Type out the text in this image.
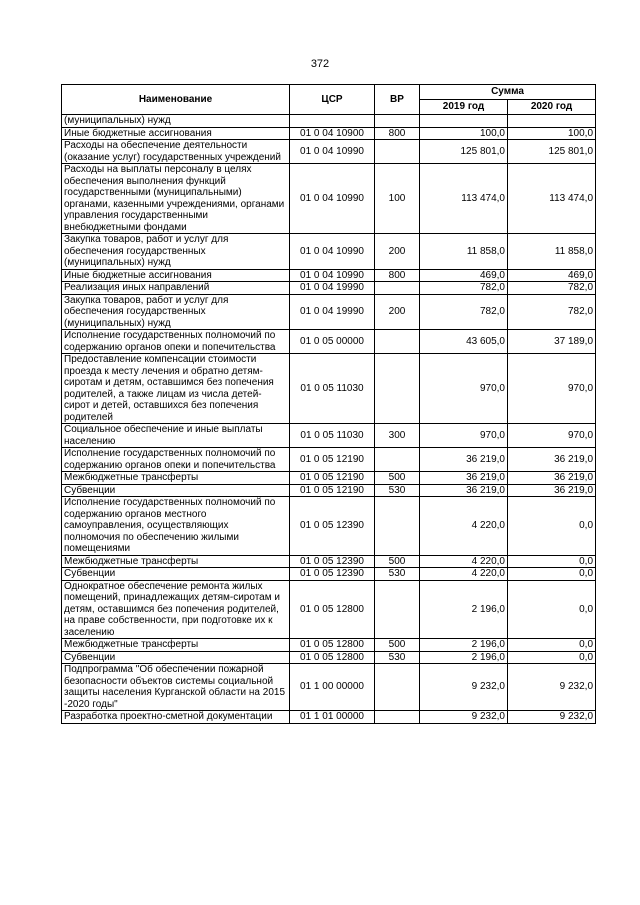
372
Наименование	ЦСР	ВР	Сумма	
			2019 год	2020 год
(муниципальных) нужд				
Иные бюджетные ассигнования	01 0 04 10900	800	100,0	100,0
Расходы на обеспечение деятельности (оказание услуг) государственных учреждений	01 0 04 10990		125 801,0	125 801,0
Расходы на выплаты персоналу в целях обеспечения выполнения функций государственными (муниципальными) органами, казенными учреждениями, органами управления государственными внебюджетными фондами	01 0 04 10990	100	113 474,0	113 474,0
Закупка товаров, работ и услуг для обеспечения государственных (муниципальных) нужд	01 0 04 10990	200	11 858,0	11 858,0
Иные бюджетные ассигнования	01 0 04 10990	800	469,0	469,0
Реализация иных направлений	01 0 04 19990		782,0	782,0
Закупка товаров, работ и услуг для обеспечения государственных (муниципальных) нужд	01 0 04 19990	200	782,0	782,0
Исполнение государственных полномочий по содержанию органов опеки и попечительства	01 0 05 00000		43 605,0	37 189,0
Предоставление компенсации стоимости проезда к месту лечения и обратно детям-сиротам и детям, оставшимся без попечения родителей, а также лицам из числа детей-сирот и детей, оставшихся без попечения родителей	01 0 05 11030		970,0	970,0
Социальное обеспечение и иные выплаты населению	01 0 05 11030	300	970,0	970,0
Исполнение государственных полномочий по содержанию органов опеки и попечительства	01 0 05 12190		36 219,0	36 219,0
Межбюджетные трансферты	01 0 05 12190	500	36 219,0	36 219,0
Субвенции	01 0 05 12190	530	36 219,0	36 219,0
Исполнение государственных полномочий по содержанию органов местного самоуправления, осуществляющих полномочия по обеспечению жилыми помещениями	01 0 05 12390		4 220,0	0,0
Межбюджетные трансферты	01 0 05 12390	500	4 220,0	0,0
Субвенции	01 0 05 12390	530	4 220,0	0,0
Однократное обеспечение ремонта жилых помещений, принадлежащих детям-сиротам и детям, оставшимся без попечения родителей, на праве собственности, при подготовке их к заселению	01 0 05 12800		2 196,0	0,0
Межбюджетные трансферты	01 0 05 12800	500	2 196,0	0,0
Субвенции	01 0 05 12800	530	2 196,0	0,0
Подпрограмма "Об обеспечении пожарной безопасности объектов системы социальной защиты населения Курганской области на 2015 -2020 годы"	01 1 00 00000		9 232,0	9 232,0
Разработка проектно-сметной документации	01 1 01 00000		9 232,0	9 232,0
